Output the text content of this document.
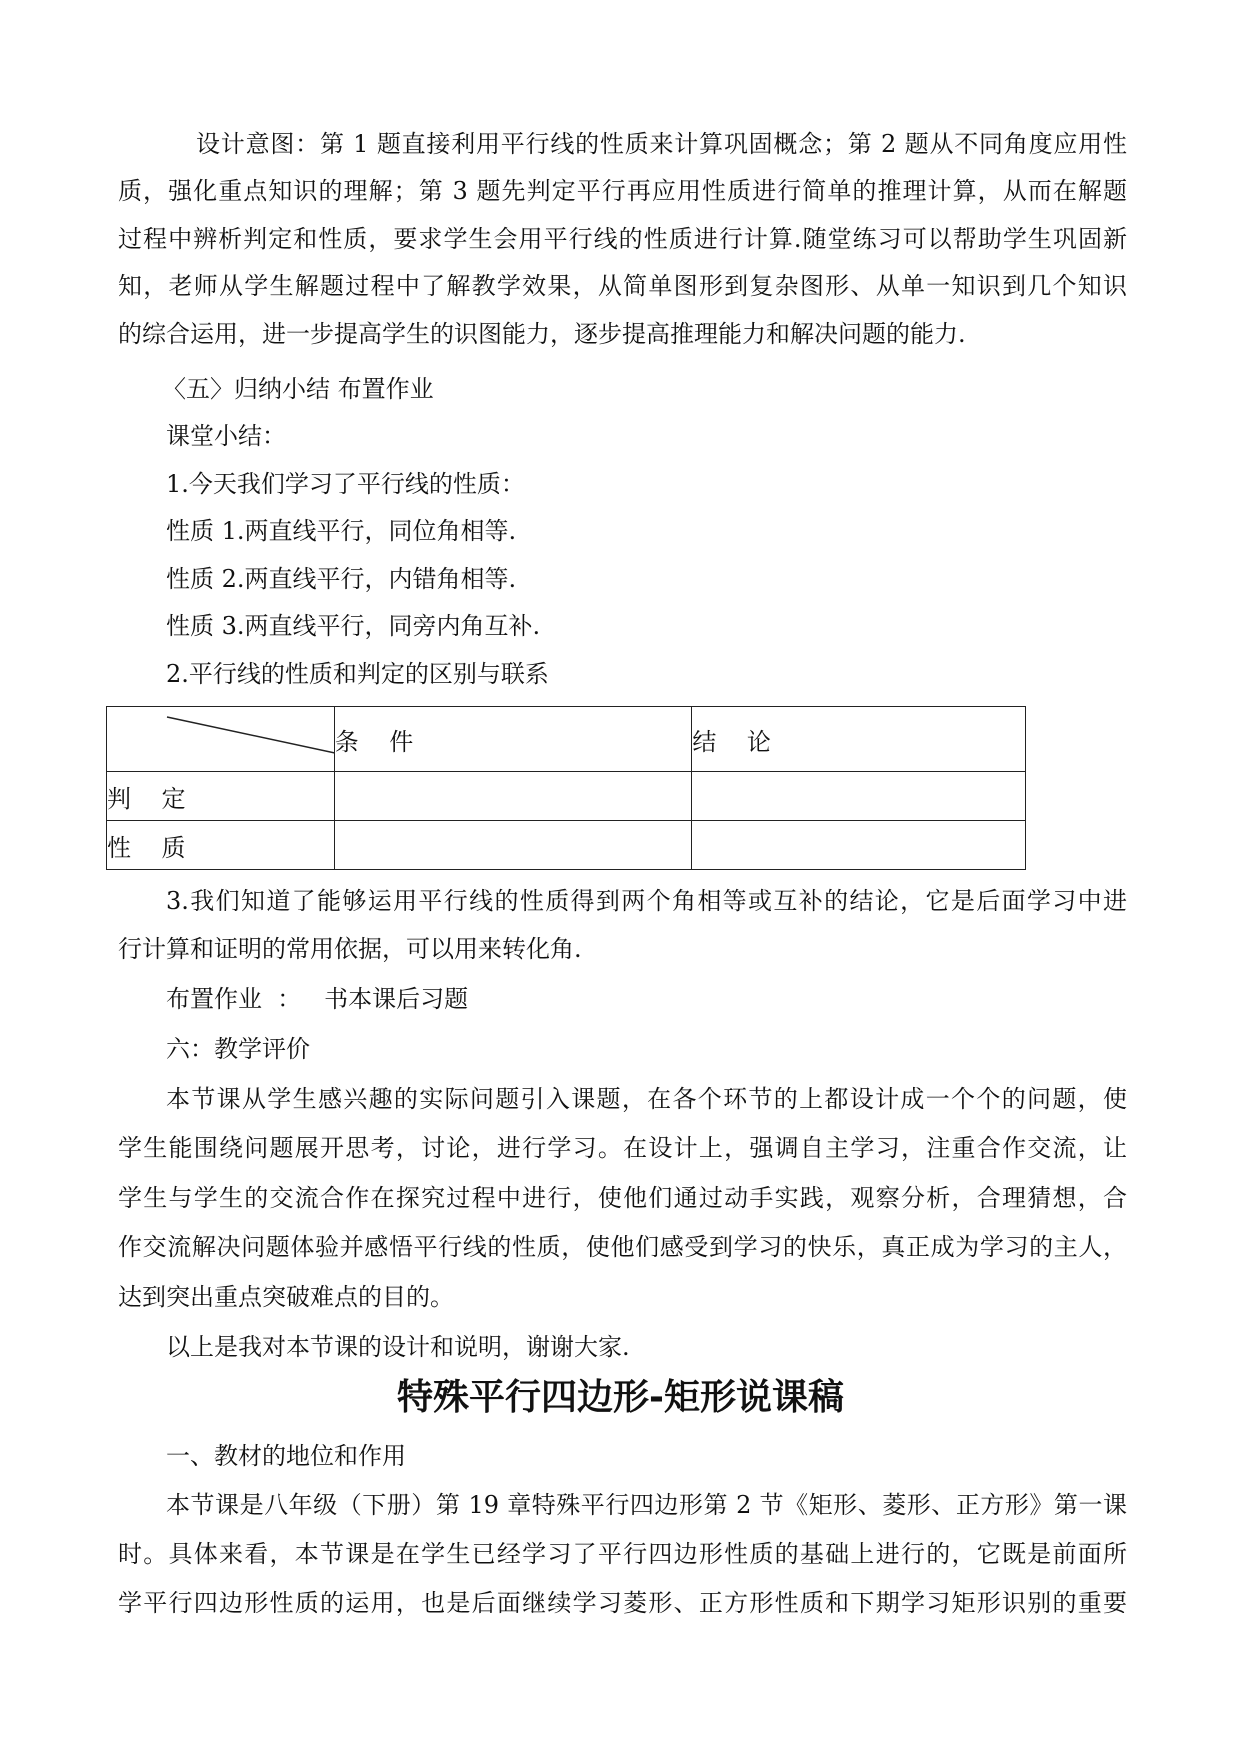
设计意图：第 1 题直接利用平行线的性质来计算巩固概念；第 2 题从不同角度应用性
质，强化重点知识的理解；第 3 题先判定平行再应用性质进行简单的推理计算，从而在解题
过程中辨析判定和性质，要求学生会用平行线的性质进行计算.随堂练习可以帮助学生巩固新
知，老师从学生解题过程中了解教学效果，从简单图形到复杂图形、从单一知识到几个知识
的综合运用，进一步提高学生的识图能力，逐步提高推理能力和解决问题的能力.
〈五〉归纳小结 布置作业
课堂小结：
1.今天我们学习了平行线的性质：
性质 1.两直线平行，同位角相等.
性质 2.两直线平行，内错角相等.
性质 3.两直线平行，同旁内角互补.
2.平行线的性质和判定的区别与联系
	条    件	结    论
判    定		
性    质		
3.我们知道了能够运用平行线的性质得到两个角相等或互补的结论，它是后面学习中进
行计算和证明的常用依据，可以用来转化角.
布置作业  ：   书本课后习题
六：教学评价
本节课从学生感兴趣的实际问题引入课题，在各个环节的上都设计成一个个的问题，使
学生能围绕问题展开思考，讨论，进行学习。在设计上，强调自主学习，注重合作交流，让
学生与学生的交流合作在探究过程中进行，使他们通过动手实践，观察分析，合理猜想，合
作交流解决问题体验并感悟平行线的性质，使他们感受到学习的快乐，真正成为学习的主人，
达到突出重点突破难点的目的。
以上是我对本节课的设计和说明，谢谢大家.
特殊平行四边形-矩形说课稿
一、教材的地位和作用
本节课是八年级（下册）第 19 章特殊平行四边形第 2 节《矩形、菱形、正方形》第一课
时。具体来看，本节课是在学生已经学习了平行四边形性质的基础上进行的，它既是前面所
学平行四边形性质的运用，也是后面继续学习菱形、正方形性质和下期学习矩形识别的重要
